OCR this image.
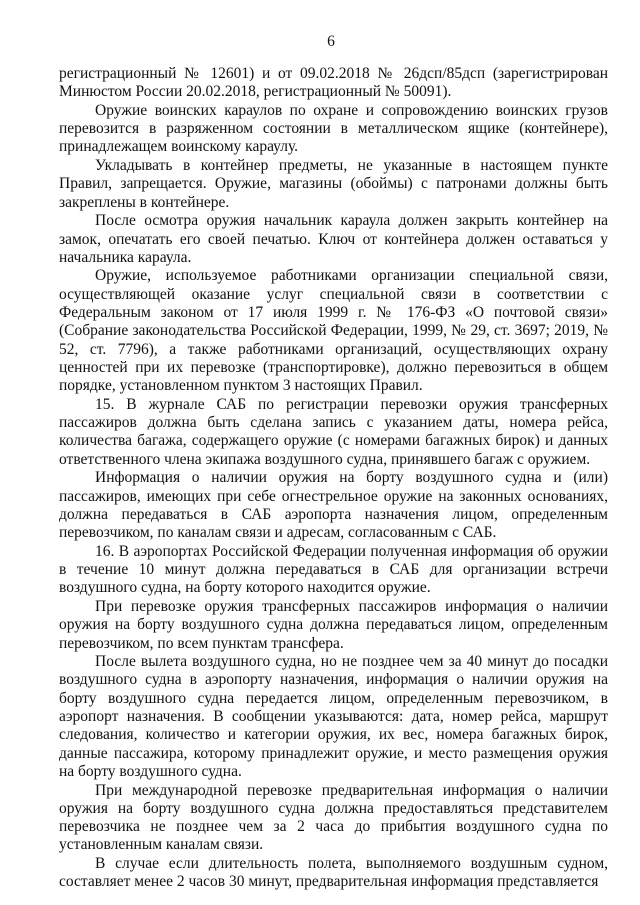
6

регистрационный № 12601) и от 09.02.2018 № 26дсп/85дсп (зарегистрирован Минюстом России 20.02.2018, регистрационный № 50091).

Оружие воинских караулов по охране и сопровождению воинских грузов перевозится в разряженном состоянии в металлическом ящике (контейнере), принадлежащем воинскому караулу.

Укладывать в контейнер предметы, не указанные в настоящем пункте Правил, запрещается. Оружие, магазины (обоймы) с патронами должны быть закреплены в контейнере.

После осмотра оружия начальник караула должен закрыть контейнер на замок, опечатать его своей печатью. Ключ от контейнера должен оставаться у начальника караула.

Оружие, используемое работниками организации специальной связи, осуществляющей оказание услуг специальной связи в соответствии с Федеральным законом от 17 июля 1999 г. № 176-ФЗ «О почтовой связи» (Собрание законодательства Российской Федерации, 1999, № 29, ст. 3697; 2019, № 52, ст. 7796), а также работниками организаций, осуществляющих охрану ценностей при их перевозке (транспортировке), должно перевозиться в общем порядке, установленном пунктом 3 настоящих Правил.

15. В журнале САБ по регистрации перевозки оружия трансферных пассажиров должна быть сделана запись с указанием даты, номера рейса, количества багажа, содержащего оружие (с номерами багажных бирок) и данных ответственного члена экипажа воздушного судна, принявшего багаж с оружием.

Информация о наличии оружия на борту воздушного судна и (или) пассажиров, имеющих при себе огнестрельное оружие на законных основаниях, должна передаваться в САБ аэропорта назначения лицом, определенным перевозчиком, по каналам связи и адресам, согласованным с САБ.

16. В аэропортах Российской Федерации полученная информация об оружии в течение 10 минут должна передаваться в САБ для организации встречи воздушного судна, на борту которого находится оружие.

При перевозке оружия трансферных пассажиров информация о наличии оружия на борту воздушного судна должна передаваться лицом, определенным перевозчиком, по всем пунктам трансфера.

После вылета воздушного судна, но не позднее чем за 40 минут до посадки воздушного судна в аэропорту назначения, информация о наличии оружия на борту воздушного судна передается лицом, определенным перевозчиком, в аэропорт назначения. В сообщении указываются: дата, номер рейса, маршрут следования, количество и категории оружия, их вес, номера багажных бирок, данные пассажира, которому принадлежит оружие, и место размещения оружия на борту воздушного судна.

При международной перевозке предварительная информация о наличии оружия на борту воздушного судна должна предоставляться представителем перевозчика не позднее чем за 2 часа до прибытия воздушного судна по установленным каналам связи.

В случае если длительность полета, выполняемого воздушным судном, составляет менее 2 часов 30 минут, предварительная информация представляется
